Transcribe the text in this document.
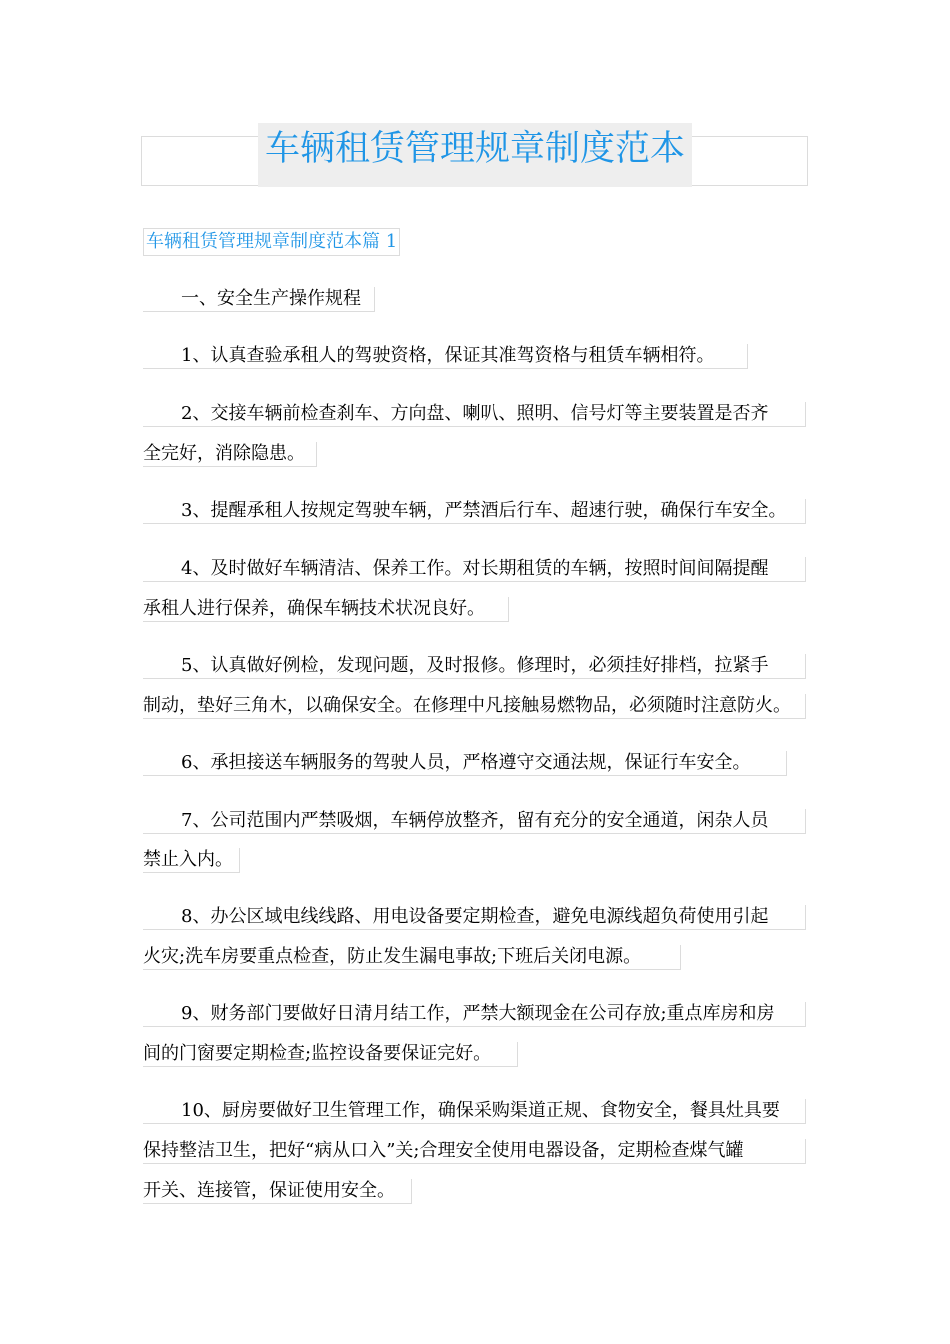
车辆租赁管理规章制度范本
车辆租赁管理规章制度范本篇 1
一、安全生产操作规程
1、认真查验承租人的驾驶资格，保证其准驾资格与租赁车辆相符。
2、交接车辆前检查刹车、方向盘、喇叭、照明、信号灯等主要装置是否齐
全完好，消除隐患。
3、提醒承租人按规定驾驶车辆，严禁酒后行车、超速行驶，确保行车安全。
4、及时做好车辆清洁、保养工作。对长期租赁的车辆，按照时间间隔提醒
承租人进行保养，确保车辆技术状况良好。
5、认真做好例检，发现问题，及时报修。修理时，必须挂好排档，拉紧手
制动，垫好三角木，以确保安全。在修理中凡接触易燃物品，必须随时注意防火。
6、承担接送车辆服务的驾驶人员，严格遵守交通法规，保证行车安全。
7、公司范围内严禁吸烟，车辆停放整齐，留有充分的安全通道，闲杂人员
禁止入内。
8、办公区域电线线路、用电设备要定期检查，避免电源线超负荷使用引起
火灾;洗车房要重点检查，防止发生漏电事故;下班后关闭电源。
9、财务部门要做好日清月结工作，严禁大额现金在公司存放;重点库房和房
间的门窗要定期检查;监控设备要保证完好。
10、厨房要做好卫生管理工作，确保采购渠道正规、食物安全，餐具灶具要
保持整洁卫生，把好“病从口入”关;合理安全使用电器设备，定期检查煤气罐
开关、连接管，保证使用安全。
